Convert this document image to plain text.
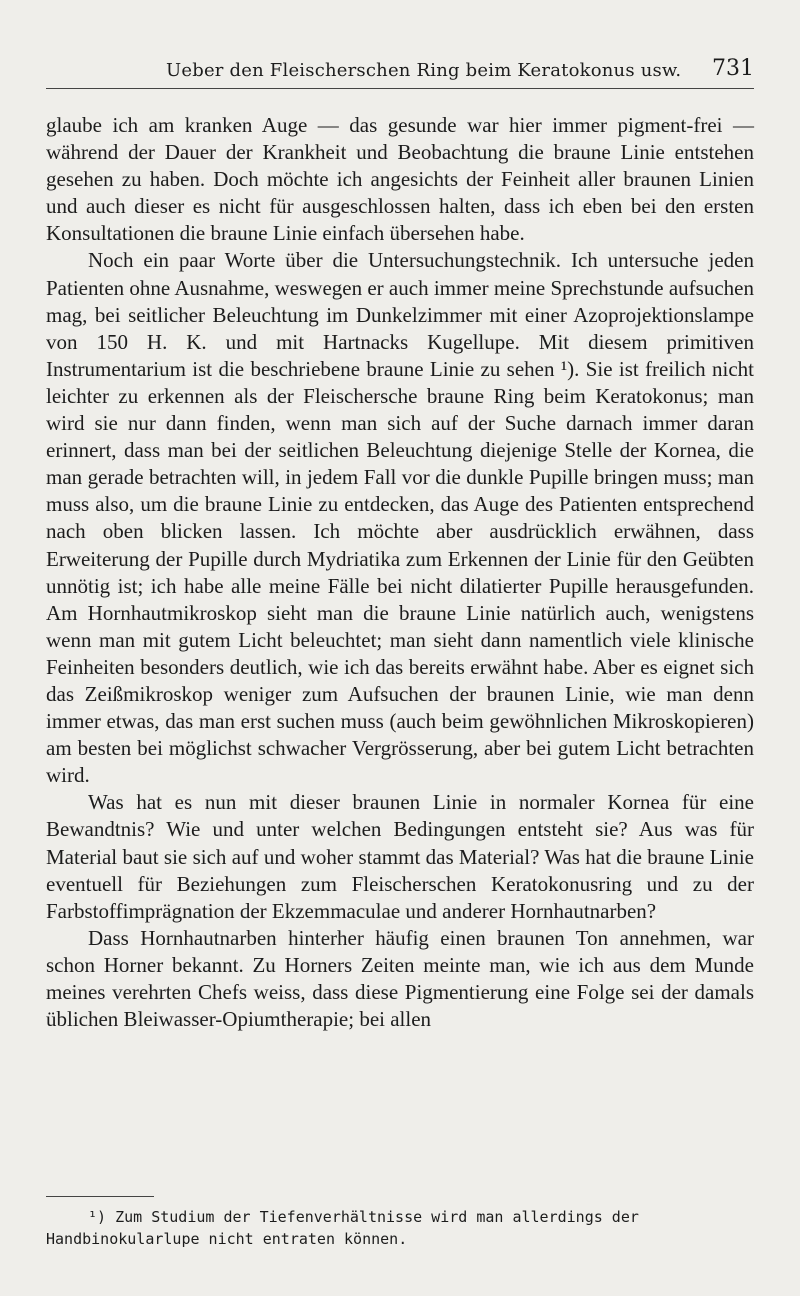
Ueber den Fleischerschen Ring beim Keratokonus usw. 731

glaube ich am kranken Auge — das gesunde war hier immer pigment-frei — während der Dauer der Krankheit und Beobachtung die braune Linie entstehen gesehen zu haben. Doch möchte ich angesichts der Feinheit aller braunen Linien und auch dieser es nicht für ausgeschlossen halten, dass ich eben bei den ersten Konsultationen die braune Linie einfach übersehen habe.

Noch ein paar Worte über die Untersuchungstechnik. Ich untersuche jeden Patienten ohne Ausnahme, weswegen er auch immer meine Sprechstunde aufsuchen mag, bei seitlicher Beleuchtung im Dunkelzimmer mit einer Azoprojektionslampe von 150 H. K. und mit Hartnacks Kugellupe. Mit diesem primitiven Instrumentarium ist die beschriebene braune Linie zu sehen ¹). Sie ist freilich nicht leichter zu erkennen als der Fleischersche braune Ring beim Keratokonus; man wird sie nur dann finden, wenn man sich auf der Suche darnach immer daran erinnert, dass man bei der seitlichen Beleuchtung diejenige Stelle der Kornea, die man gerade betrachten will, in jedem Fall vor die dunkle Pupille bringen muss; man muss also, um die braune Linie zu entdecken, das Auge des Patienten entsprechend nach oben blicken lassen. Ich möchte aber ausdrücklich erwähnen, dass Erweiterung der Pupille durch Mydriatika zum Erkennen der Linie für den Geübten unnötig ist; ich habe alle meine Fälle bei nicht dilatierter Pupille herausgefunden. Am Hornhautmikroskop sieht man die braune Linie natürlich auch, wenigstens wenn man mit gutem Licht beleuchtet; man sieht dann namentlich viele klinische Feinheiten besonders deutlich, wie ich das bereits erwähnt habe. Aber es eignet sich das Zeißmikroskop weniger zum Aufsuchen der braunen Linie, wie man denn immer etwas, das man erst suchen muss (auch beim gewöhnlichen Mikroskopieren) am besten bei möglichst schwacher Vergrösserung, aber bei gutem Licht betrachten wird.

Was hat es nun mit dieser braunen Linie in normaler Kornea für eine Bewandtnis? Wie und unter welchen Bedingungen entsteht sie? Aus was für Material baut sie sich auf und woher stammt das Material? Was hat die braune Linie eventuell für Beziehungen zum Fleischerschen Keratokonusring und zu der Farbstoffimprägnation der Ekzemmaculae und anderer Hornhautnarben?

Dass Hornhautnarben hinterher häufig einen braunen Ton annehmen, war schon Horner bekannt. Zu Horners Zeiten meinte man, wie ich aus dem Munde meines verehrten Chefs weiss, dass diese Pigmentierung eine Folge sei der damals üblichen Bleiwasser-Opiumtherapie; bei allen

¹) Zum Studium der Tiefenverhältnisse wird man allerdings der Handbinokularlupe nicht entraten können.
